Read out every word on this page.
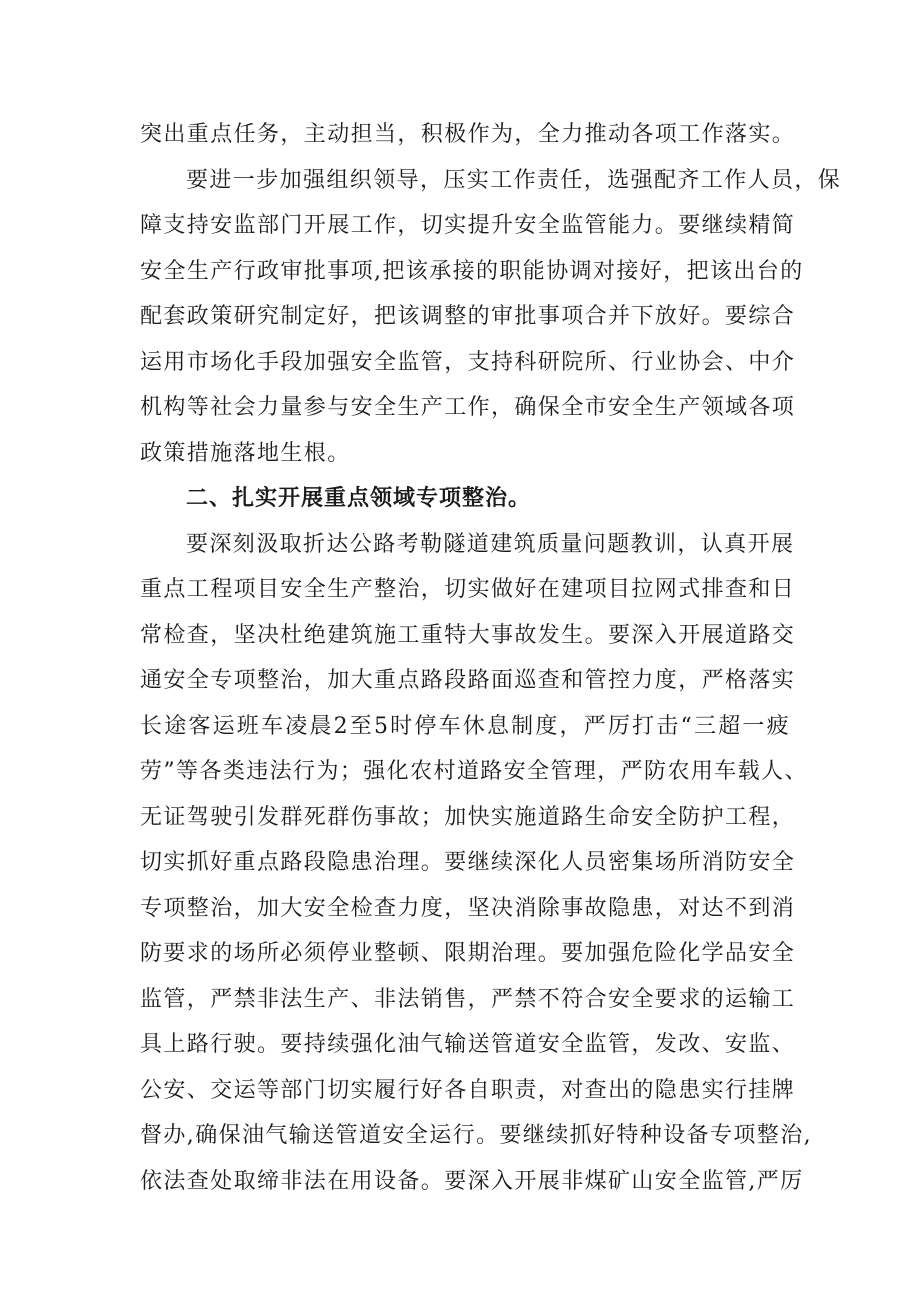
突出重点任务，主动担当，积极作为，全力推动各项工作落实。
要进一步加强组织领导，压实工作责任，选强配齐工作人员，保
障支持安监部门开展工作，切实提升安全监管能力。要继续精简
安全生产行政审批事项,把该承接的职能协调对接好，把该出台的
配套政策研究制定好，把该调整的审批事项合并下放好。要综合
运用市场化手段加强安全监管，支持科研院所、行业协会、中介
机构等社会力量参与安全生产工作，确保全市安全生产领域各项
政策措施落地生根。
二、扎实开展重点领域专项整治。
要深刻汲取折达公路考勒隧道建筑质量问题教训，认真开展
重点工程项目安全生产整治，切实做好在建项目拉网式排查和日
常检查，坚决杜绝建筑施工重特大事故发生。要深入开展道路交
通安全专项整治，加大重点路段路面巡查和管控力度，严格落实
长途客运班车凌晨2至5时停车休息制度，严厉打击“三超一疲
劳”等各类违法行为；强化农村道路安全管理，严防农用车载人、
无证驾驶引发群死群伤事故；加快实施道路生命安全防护工程，
切实抓好重点路段隐患治理。要继续深化人员密集场所消防安全
专项整治，加大安全检查力度，坚决消除事故隐患，对达不到消
防要求的场所必须停业整顿、限期治理。要加强危险化学品安全
监管，严禁非法生产、非法销售，严禁不符合安全要求的运输工
具上路行驶。要持续强化油气输送管道安全监管，发改、安监、
公安、交运等部门切实履行好各自职责，对查出的隐患实行挂牌
督办,确保油气输送管道安全运行。要继续抓好特种设备专项整治,
依法查处取缔非法在用设备。要深入开展非煤矿山安全监管,严厉
